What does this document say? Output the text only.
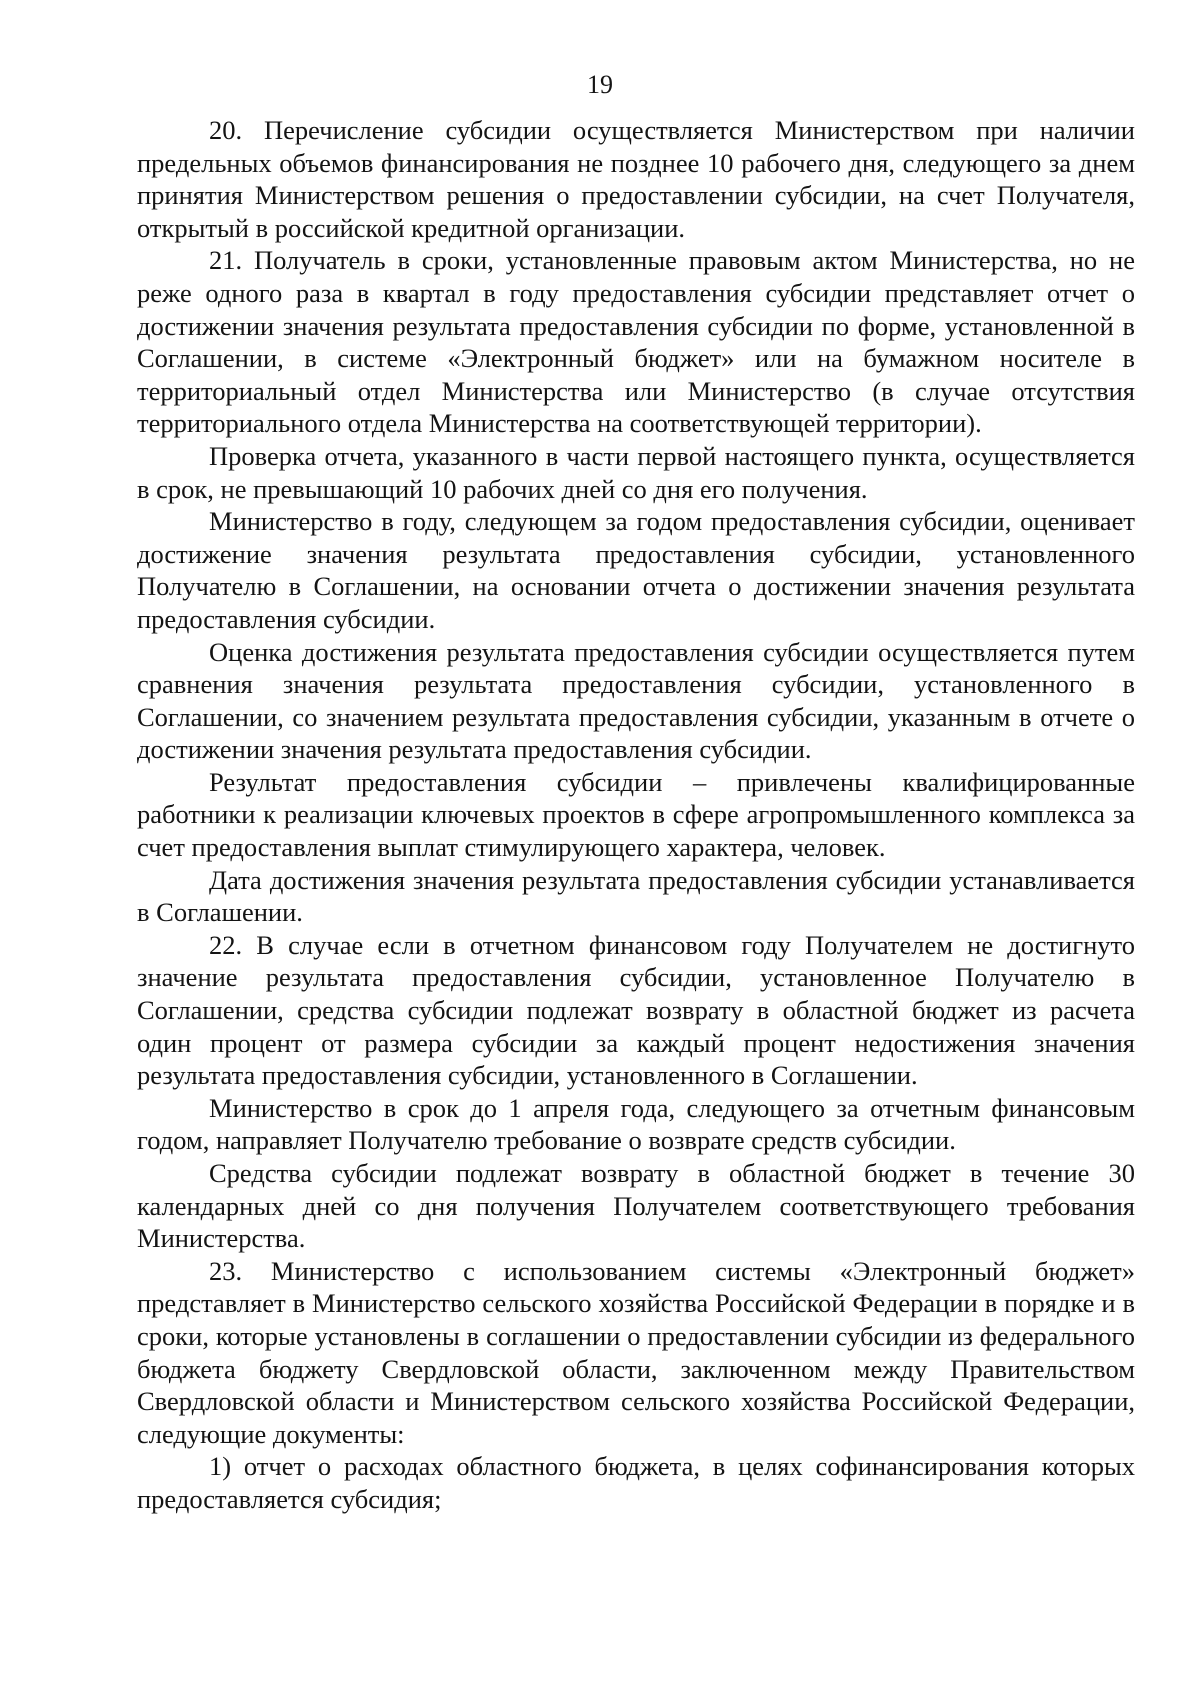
19

20. Перечисление субсидии осуществляется Министерством при наличии предельных объемов финансирования не позднее 10 рабочего дня, следующего за днем принятия Министерством решения о предоставлении субсидии, на счет Получателя, открытый в российской кредитной организации.

21. Получатель в сроки, установленные правовым актом Министерства, но не реже одного раза в квартал в году предоставления субсидии представляет отчет о достижении значения результата предоставления субсидии по форме, установленной в Соглашении, в системе «Электронный бюджет» или на бумажном носителе в территориальный отдел Министерства или Министерство (в случае отсутствия территориального отдела Министерства на соответствующей территории).

Проверка отчета, указанного в части первой настоящего пункта, осуществляется в срок, не превышающий 10 рабочих дней со дня его получения.

Министерство в году, следующем за годом предоставления субсидии, оценивает достижение значения результата предоставления субсидии, установленного Получателю в Соглашении, на основании отчета о достижении значения результата предоставления субсидии.

Оценка достижения результата предоставления субсидии осуществляется путем сравнения значения результата предоставления субсидии, установленного в Соглашении, со значением результата предоставления субсидии, указанным в отчете о достижении значения результата предоставления субсидии.

Результат предоставления субсидии – привлечены квалифицированные работники к реализации ключевых проектов в сфере агропромышленного комплекса за счет предоставления выплат стимулирующего характера, человек.

Дата достижения значения результата предоставления субсидии устанавливается в Соглашении.

22. В случае если в отчетном финансовом году Получателем не достигнуто значение результата предоставления субсидии, установленное Получателю в Соглашении, средства субсидии подлежат возврату в областной бюджет из расчета один процент от размера субсидии за каждый процент недостижения значения результата предоставления субсидии, установленного в Соглашении.

Министерство в срок до 1 апреля года, следующего за отчетным финансовым годом, направляет Получателю требование о возврате средств субсидии.

Средства субсидии подлежат возврату в областной бюджет в течение 30 календарных дней со дня получения Получателем соответствующего требования Министерства.

23. Министерство с использованием системы «Электронный бюджет» представляет в Министерство сельского хозяйства Российской Федерации в порядке и в сроки, которые установлены в соглашении о предоставлении субсидии из федерального бюджета бюджету Свердловской области, заключенном между Правительством Свердловской области и Министерством сельского хозяйства Российской Федерации, следующие документы:

1) отчет о расходах областного бюджета, в целях софинансирования которых предоставляется субсидия;
